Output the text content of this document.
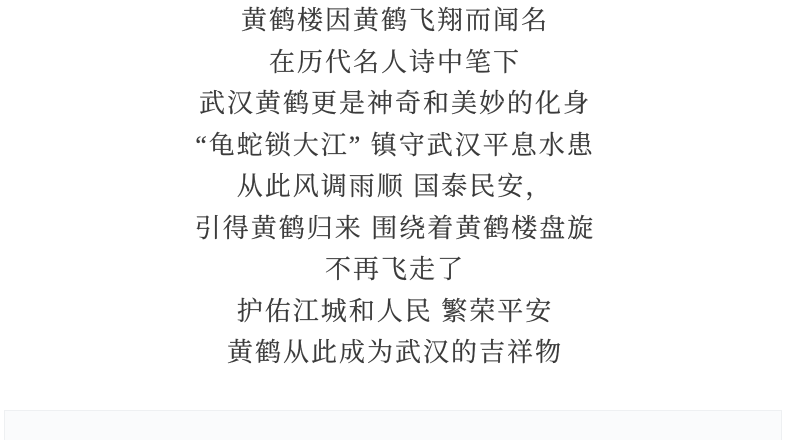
黄鹤楼因黄鹤飞翔而闻名
在历代名人诗中笔下
武汉黄鹤更是神奇和美妙的化身
“龟蛇锁大江” 镇守武汉平息水患
从此风调雨顺 国泰民安，
引得黄鹤归来 围绕着黄鹤楼盘旋
不再飞走了
护佑江城和人民 繁荣平安
黄鹤从此成为武汉的吉祥物
